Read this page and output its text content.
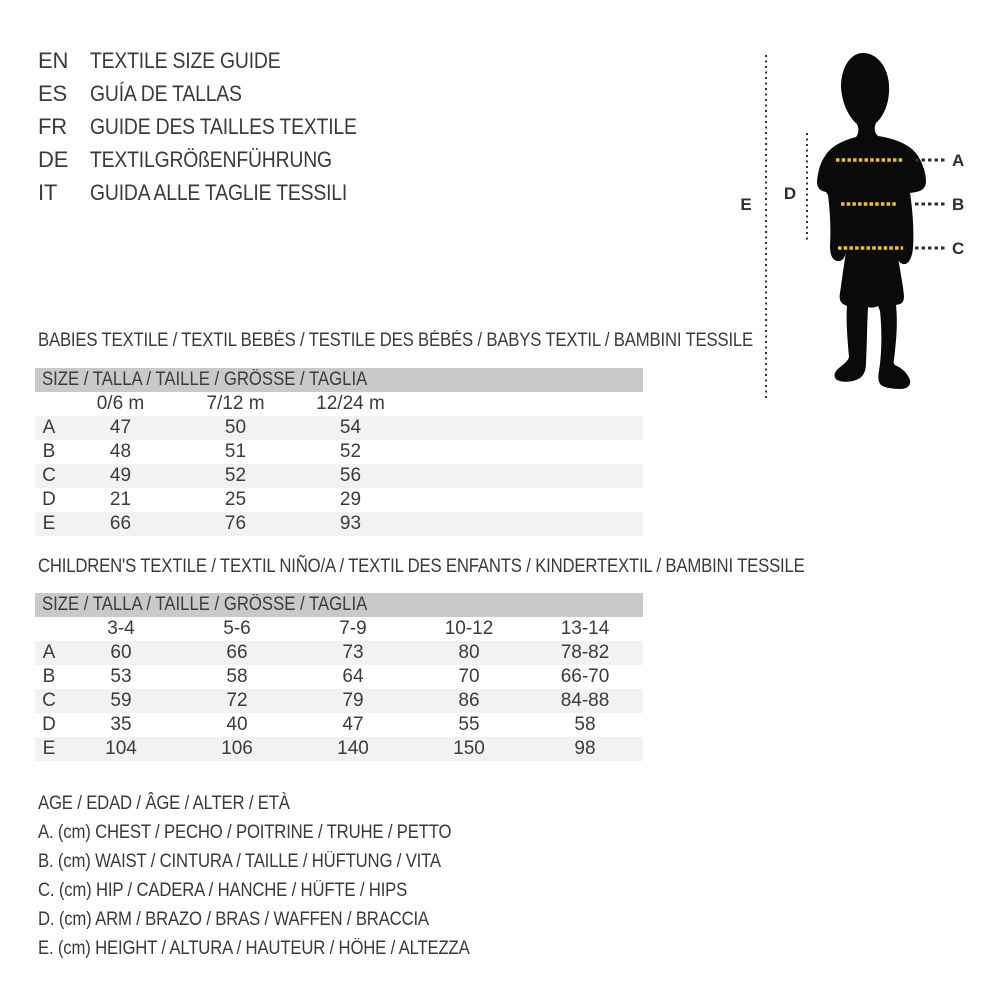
EN TEXTILE SIZE GUIDE
ES	GUÍA DE TALLAS
FR	GUIDE DES TAILLES TEXTILE
DE TEXTILGRÖßENFÜHRUNG
IT	GUIDA ALLE TAGLIE TESSILI	E
D
A
B
C
BABIES TEXTILE / TEXTIL BEBÉS / TESTILE DES BÉBÉS / BABYS TEXTIL / BAMBINI TESSILE
SIZE / TALLA / TAILLE / GRÖSSE / TAGLIA				
	0/6 m	7/12 m	12/24 m	
A	47	50	54	
B	48	51	52	
C	49	52	56	
D	21	25	29	
E	66	76	93	
CHILDREN'S TEXTILE / TEXTIL NIÑO/A / TEXTIL DES ENFANTS / KINDERTEXTIL / BAMBINI TESSILE
SIZE / TALLA / TAILLE / GRÖSSE / TAGLIA					
	3-4	5-6	7-9	10-12	13-14
A	60	66	73	80	78-82
B	53	58	64	70	66-70
C	59	72	79	86	84-88
D	35	40	47	55	58
E	104	106	140	150	98
AGE / EDAD / ÂGE / ALTER / ETÀ
A. (cm) CHEST / PECHO / POITRINE / TRUHE / PETTO
B. (cm) WAIST / CINTURA / TAILLE / HÜFTUNG / VITA
C. (cm) HIP / CADERA / HANCHE / HÜFTE / HIPS
D. (cm) ARM / BRAZO / BRAS / WAFFEN / BRACCIA
E. (cm) HEIGHT / ALTURA / HAUTEUR / HÖHE / ALTEZZA
